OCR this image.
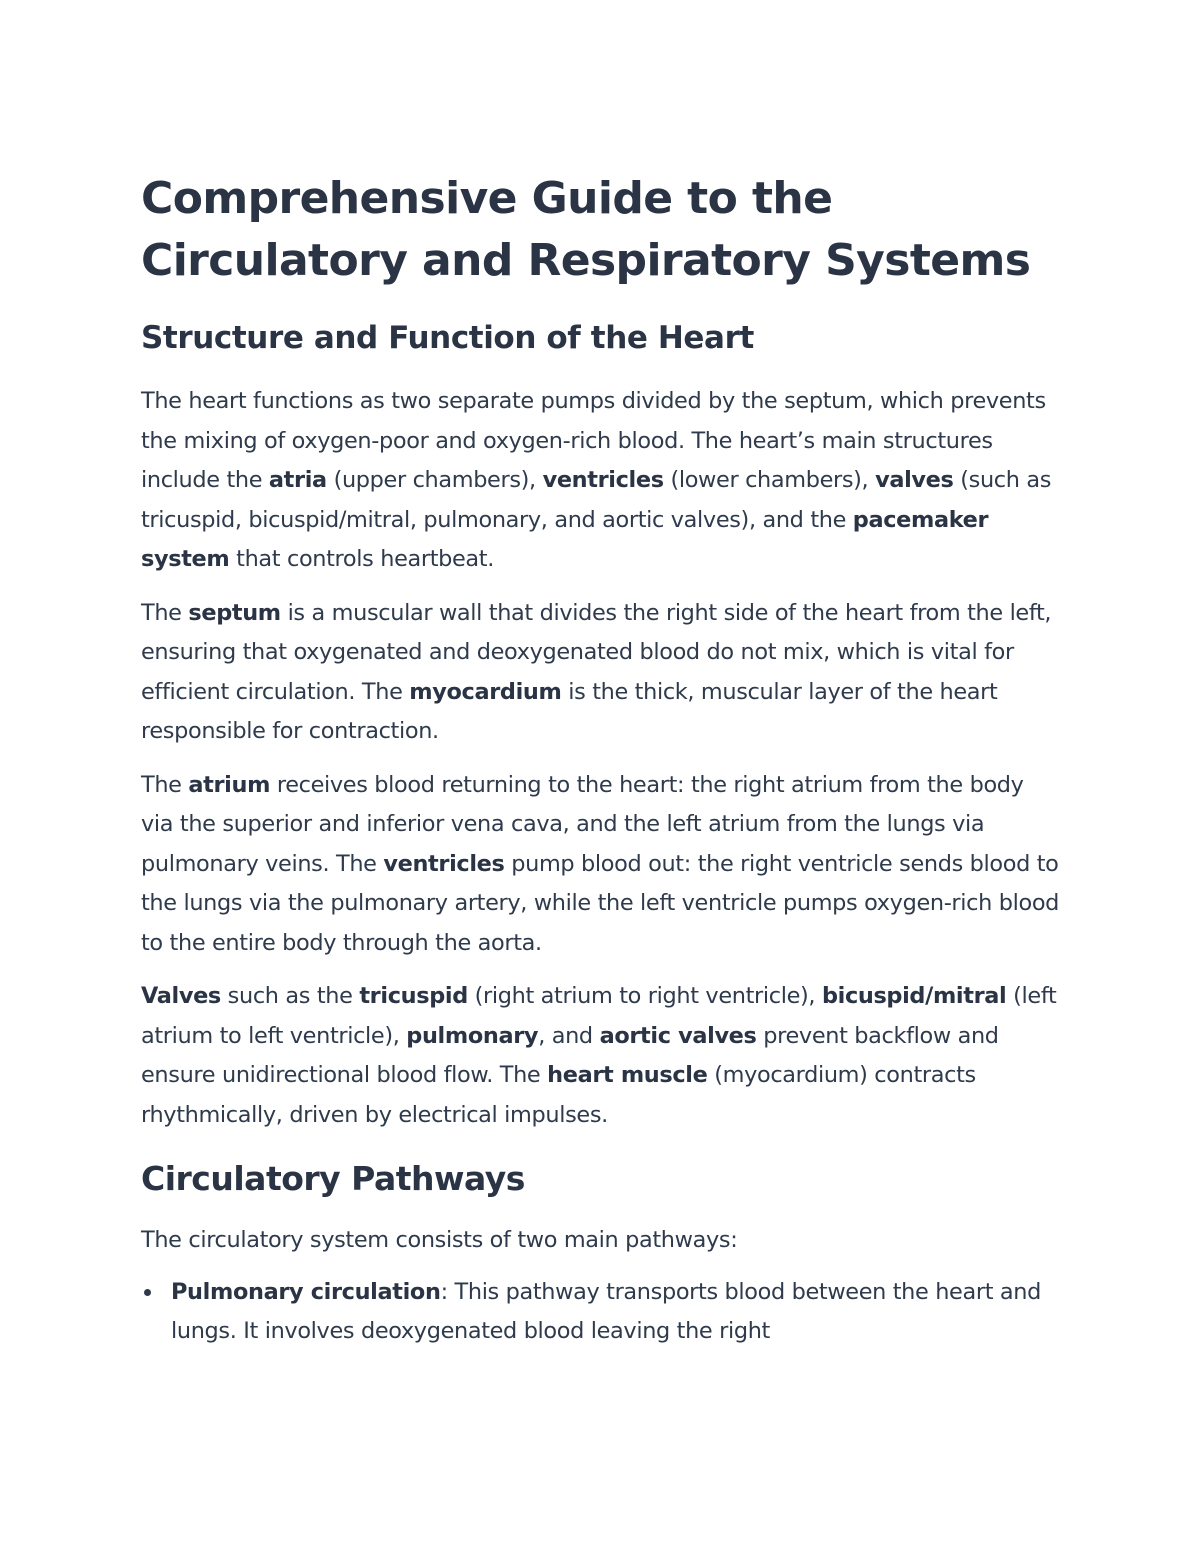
Comprehensive Guide to the
Circulatory and Respiratory Systems
Structure and Function of the Heart

The heart functions as two separate pumps divided by the septum, which prevents the mixing of oxygen-poor and oxygen-rich blood. The heart’s main structures include the atria (upper chambers), ventricles (lower chambers), valves (such as tricuspid, bicuspid/mitral, pulmonary, and aortic valves), and the pacemaker system that controls heartbeat.

The septum is a muscular wall that divides the right side of the heart from the left, ensuring that oxygenated and deoxygenated blood do not mix, which is vital for efficient circulation. The myocardium is the thick, muscular layer of the heart responsible for contraction.

The atrium receives blood returning to the heart: the right atrium from the body via the superior and inferior vena cava, and the left atrium from the lungs via pulmonary veins. The ventricles pump blood out: the right ventricle sends blood to the lungs via the pulmonary artery, while the left ventricle pumps oxygen-rich blood to the entire body through the aorta.

Valves such as the tricuspid (right atrium to right ventricle), bicuspid/mitral (left atrium to left ventricle), pulmonary, and aortic valves prevent backflow and ensure unidirectional blood flow. The heart muscle (myocardium) contracts rhythmically, driven by electrical impulses.

Circulatory Pathways

The circulatory system consists of two main pathways:

Pulmonary circulation: This pathway transports blood between the heart and lungs. It involves deoxygenated blood leaving the right
